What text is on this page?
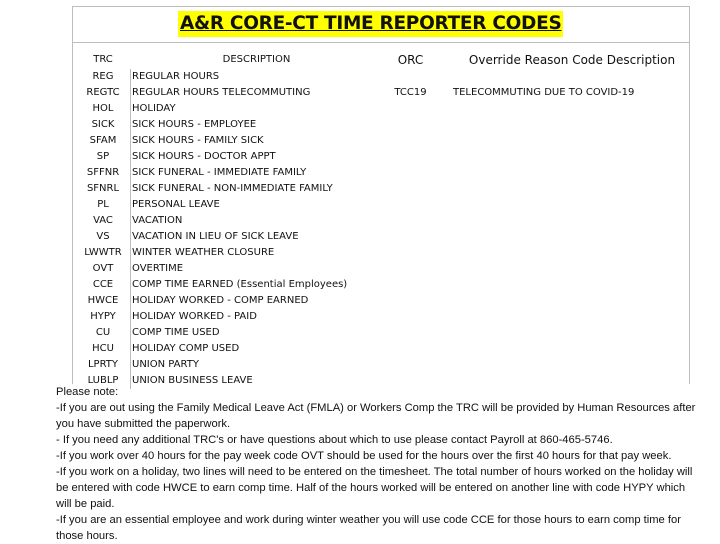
A&R CORE-CT TIME REPORTER CODES
TRC	DESCRIPTION	ORC	Override Reason Code Description
REG	REGULAR HOURS
REGTC	REGULAR HOURS TELECOMMUTING	TCC19	TELECOMMUTING DUE TO COVID-19
HOL	HOLIDAY
SICK	SICK HOURS - EMPLOYEE
SFAM	SICK HOURS - FAMILY SICK
SP	SICK HOURS - DOCTOR APPT
SFFNR	SICK FUNERAL - IMMEDIATE FAMILY
SFNRL	SICK FUNERAL - NON-IMMEDIATE FAMILY
PL	PERSONAL LEAVE
VAC	VACATION
VS	VACATION IN LIEU OF SICK LEAVE
LWWTR	WINTER WEATHER CLOSURE
OVT	OVERTIME
CCE	COMP TIME EARNED (Essential Employees)
HWCE	HOLIDAY WORKED - COMP EARNED
HYPY	HOLIDAY WORKED - PAID
CU	COMP TIME USED
HCU	HOLIDAY COMP USED
LPRTY	UNION PARTY
LUBLP	UNION BUSINESS LEAVE

Please note:

-If you are out using the Family Medical Leave Act (FMLA) or Workers Comp the TRC will be provided by Human Resources after you have submitted the paperwork.

- If you need any additional TRC's or have questions about which to use please contact Payroll at 860-465-5746.

-If you work over 40 hours for the pay week code OVT should be used for the hours over the first 40 hours for that pay week.

-If you work on a holiday, two lines will need to be entered on the timesheet. The total number of hours worked on the holiday will be entered with code HWCE to earn comp time. Half of the hours worked will be entered on another line with code HYPY which will be paid.

-If you are an essential employee and work during winter weather you will use code CCE for those hours to earn comp time for those hours.
